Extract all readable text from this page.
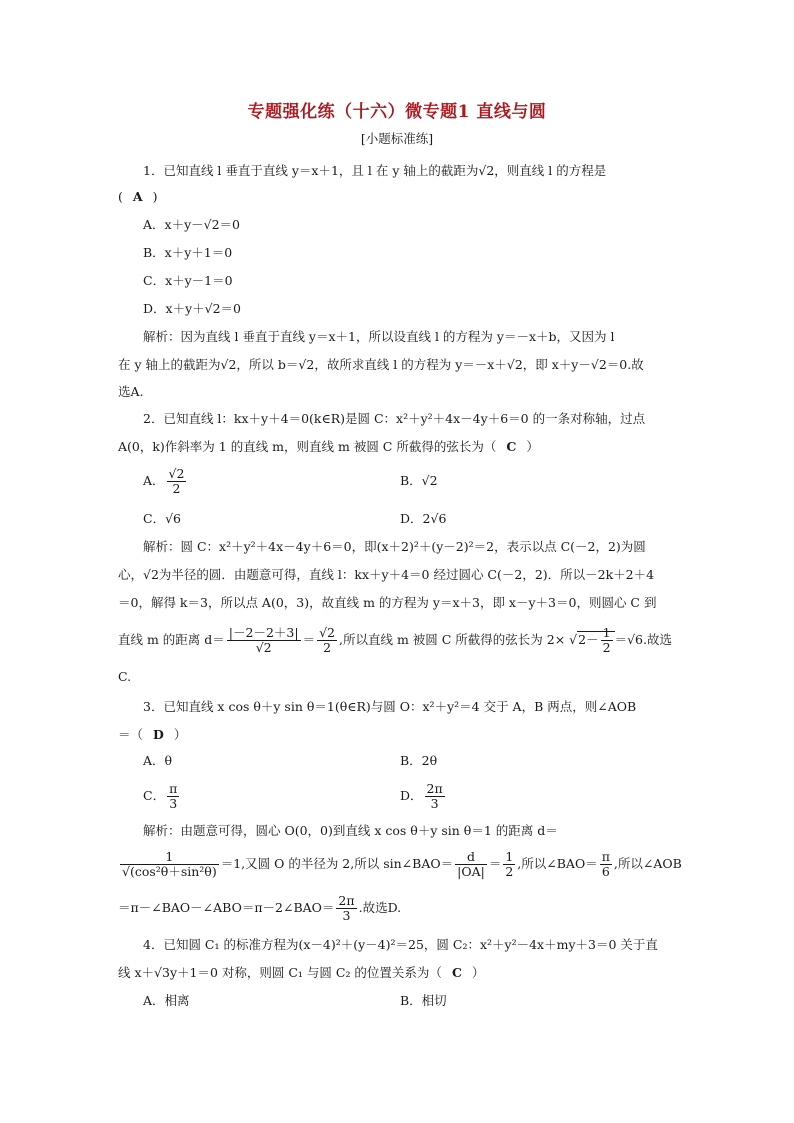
专题强化练（十六）微专题1 直线与圆
[小题标准练]
1．已知直线 l 垂直于直线 y＝x＋1，且 l 在 y 轴上的截距为√2，则直线 l 的方程是
( A )
A．x＋y－√2＝0
B．x＋y＋1＝0
C．x＋y－1＝0
D．x＋y＋√2＝0
解析：因为直线 l 垂直于直线 y＝x＋1，所以设直线 l 的方程为 y＝－x＋b，又因为 l
在 y 轴上的截距为√2，所以 b＝√2，故所求直线 l 的方程为 y＝－x＋√2，即 x＋y－√2＝0.故
选A.
2．已知直线 l：kx＋y＋4＝0(k∈R)是圆 C：x²＋y²＋4x－4y＋6＝0 的一条对称轴，过点
A(0，k)作斜率为 1 的直线 m，则直线 m 被圆 C 所截得的弦长为（ C ）
A． $\frac{√2}{2}$	B．√2
C．√6	D．2√6
解析：圆 C：x²＋y²＋4x－4y＋6＝0，即(x＋2)²＋(y－2)²＝2，表示以点 C(－2，2)为圆
心，√2为半径的圆．由题意可得，直线 l：kx＋y＋4＝0 经过圆心 C(－2，2)．所以－2k＋2＋4
＝0，解得 k＝3，所以点 A(0，3)，故直线 m 的方程为 y＝x＋3，即 x－y＋3＝0，则圆心 C 到
直线 m 的距离 $d= \frac{|-2-2+3|}{√2} = \frac{√2}{2}$ ,所以直线 m 被圆 C 所截得的弦长为 $2\times √2- \frac{1}{2} =√6$.故选
C.
3．已知直线 x cos θ＋y sin θ＝1(θ∈R)与圆 O：x²＋y²＝4 交于 A，B 两点，则∠AOB
＝（ D ）
A．θ	B．2θ
C． $\frac{\pi}{3}$	D． $\frac{2\pi}{3}$
解析：由题意可得，圆心 O(0，0)到直线 x cos θ＋y sin θ＝1 的距离 d＝
$\frac{1}{\text{√(cos²θ＋sin²θ)}} =1$,又圆 O 的半径为 2,所以 sin∠BAO＝ $\frac{d}{|OA|} = \frac{1}{2}$ ,所以∠BAO＝ $\frac{\pi}{6}$ ,所以∠AOB
＝π－∠BAO－∠ABO＝π－2∠BAO＝ $\frac{2\pi}{3}$ .故选D.
4．已知圆 C₁ 的标准方程为(x－4)²＋(y－4)²＝25，圆 C₂：x²＋y²－4x＋my＋3＝0 关于直
线 x＋√3y＋1＝0 对称，则圆 C₁ 与圆 C₂ 的位置关系为（ C ）
A．相离	B．相切
